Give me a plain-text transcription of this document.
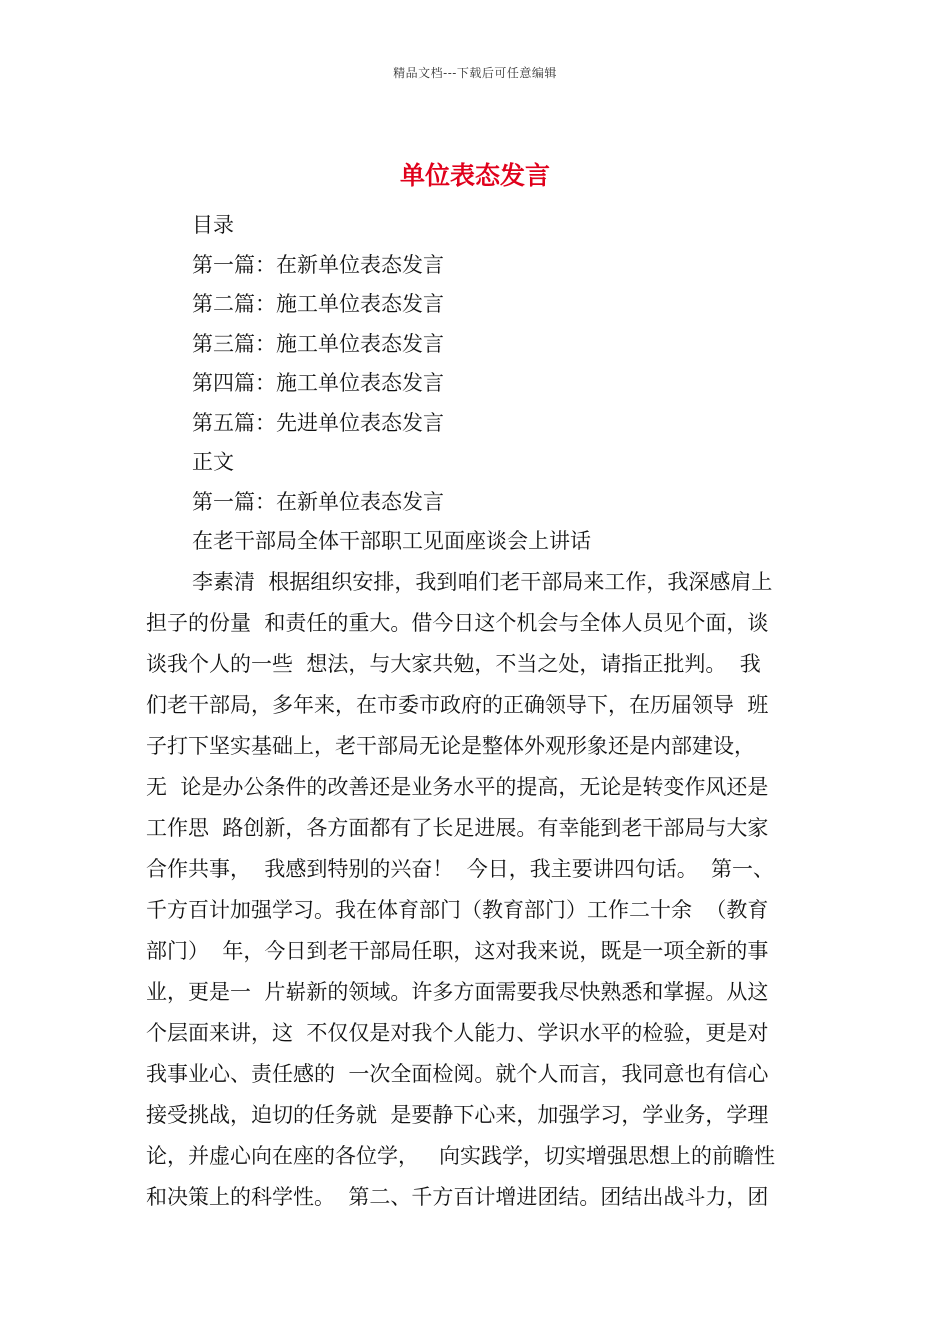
精品文档---下载后可任意编辑
单位表态发言
目录
第一篇：在新单位表态发言
第二篇：施工单位表态发言
第三篇：施工单位表态发言
第四篇：施工单位表态发言
第五篇：先进单位表态发言
正文
第一篇：在新单位表态发言
在老干部局全体干部职工见面座谈会上讲话
李素清  根据组织安排，我到咱们老干部局来工作，我深感肩上
担子的份量  和责任的重大。借今日这个机会与全体人员见个面，谈
谈我个人的一些  想法，与大家共勉，不当之处，请指正批判。  我
们老干部局，多年来，在市委市政府的正确领导下，在历届领导  班
子打下坚实基础上，老干部局无论是整体外观形象还是内部建设，
无  论是办公条件的改善还是业务水平的提高，无论是转变作风还是
工作思  路创新，各方面都有了长足进展。有幸能到老干部局与大家
合作共事，  我感到特别的兴奋！  今日，我主要讲四句话。  第一、
千方百计加强学习。我在体育部门（教育部门）工作二十余  （教育
部门）  年，今日到老干部局任职，这对我来说，既是一项全新的事
业，更是一  片崭新的领域。许多方面需要我尽快熟悉和掌握。从这
个层面来讲，这  不仅仅是对我个人能力、学识水平的检验，更是对
我事业心、责任感的  一次全面检阅。就个人而言，我同意也有信心
接受挑战，迫切的任务就  是要静下心来，加强学习，学业务，学理
论，并虚心向在座的各位学，   向实践学，切实增强思想上的前瞻性
和决策上的科学性。  第二、千方百计增进团结。团结出战斗力，团
